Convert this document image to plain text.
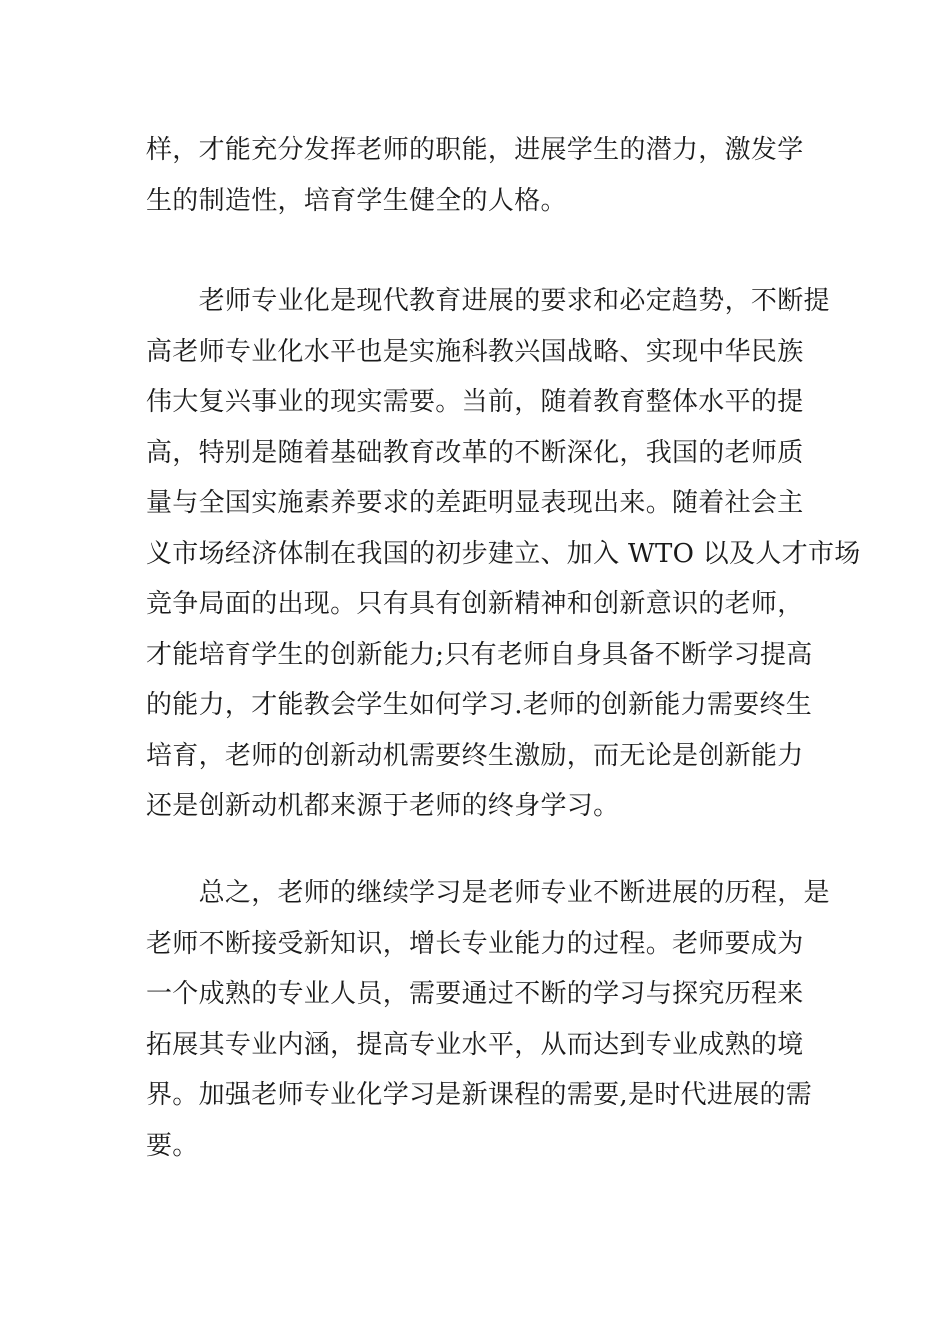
样，才能充分发挥老师的职能，进展学生的潜力，激发学
生的制造性，培育学生健全的人格。

　　老师专业化是现代教育进展的要求和必定趋势，不断提
高老师专业化水平也是实施科教兴国战略、实现中华民族
伟大复兴事业的现实需要。当前，随着教育整体水平的提
高，特别是随着基础教育改革的不断深化，我国的老师质
量与全国实施素养要求的差距明显表现出来。随着社会主
义市场经济体制在我国的初步建立、加入 WTO 以及人才市场
竞争局面的出现。只有具有创新精神和创新意识的老师，
才能培育学生的创新能力;只有老师自身具备不断学习提高
的能力，才能教会学生如何学习.老师的创新能力需要终生
培育，老师的创新动机需要终生激励，而无论是创新能力
还是创新动机都来源于老师的终身学习。

　　总之，老师的继续学习是老师专业不断进展的历程，是
老师不断接受新知识，增长专业能力的过程。老师要成为
一个成熟的专业人员，需要通过不断的学习与探究历程来
拓展其专业内涵，提高专业水平，从而达到专业成熟的境
界。加强老师专业化学习是新课程的需要,是时代进展的需
要。
